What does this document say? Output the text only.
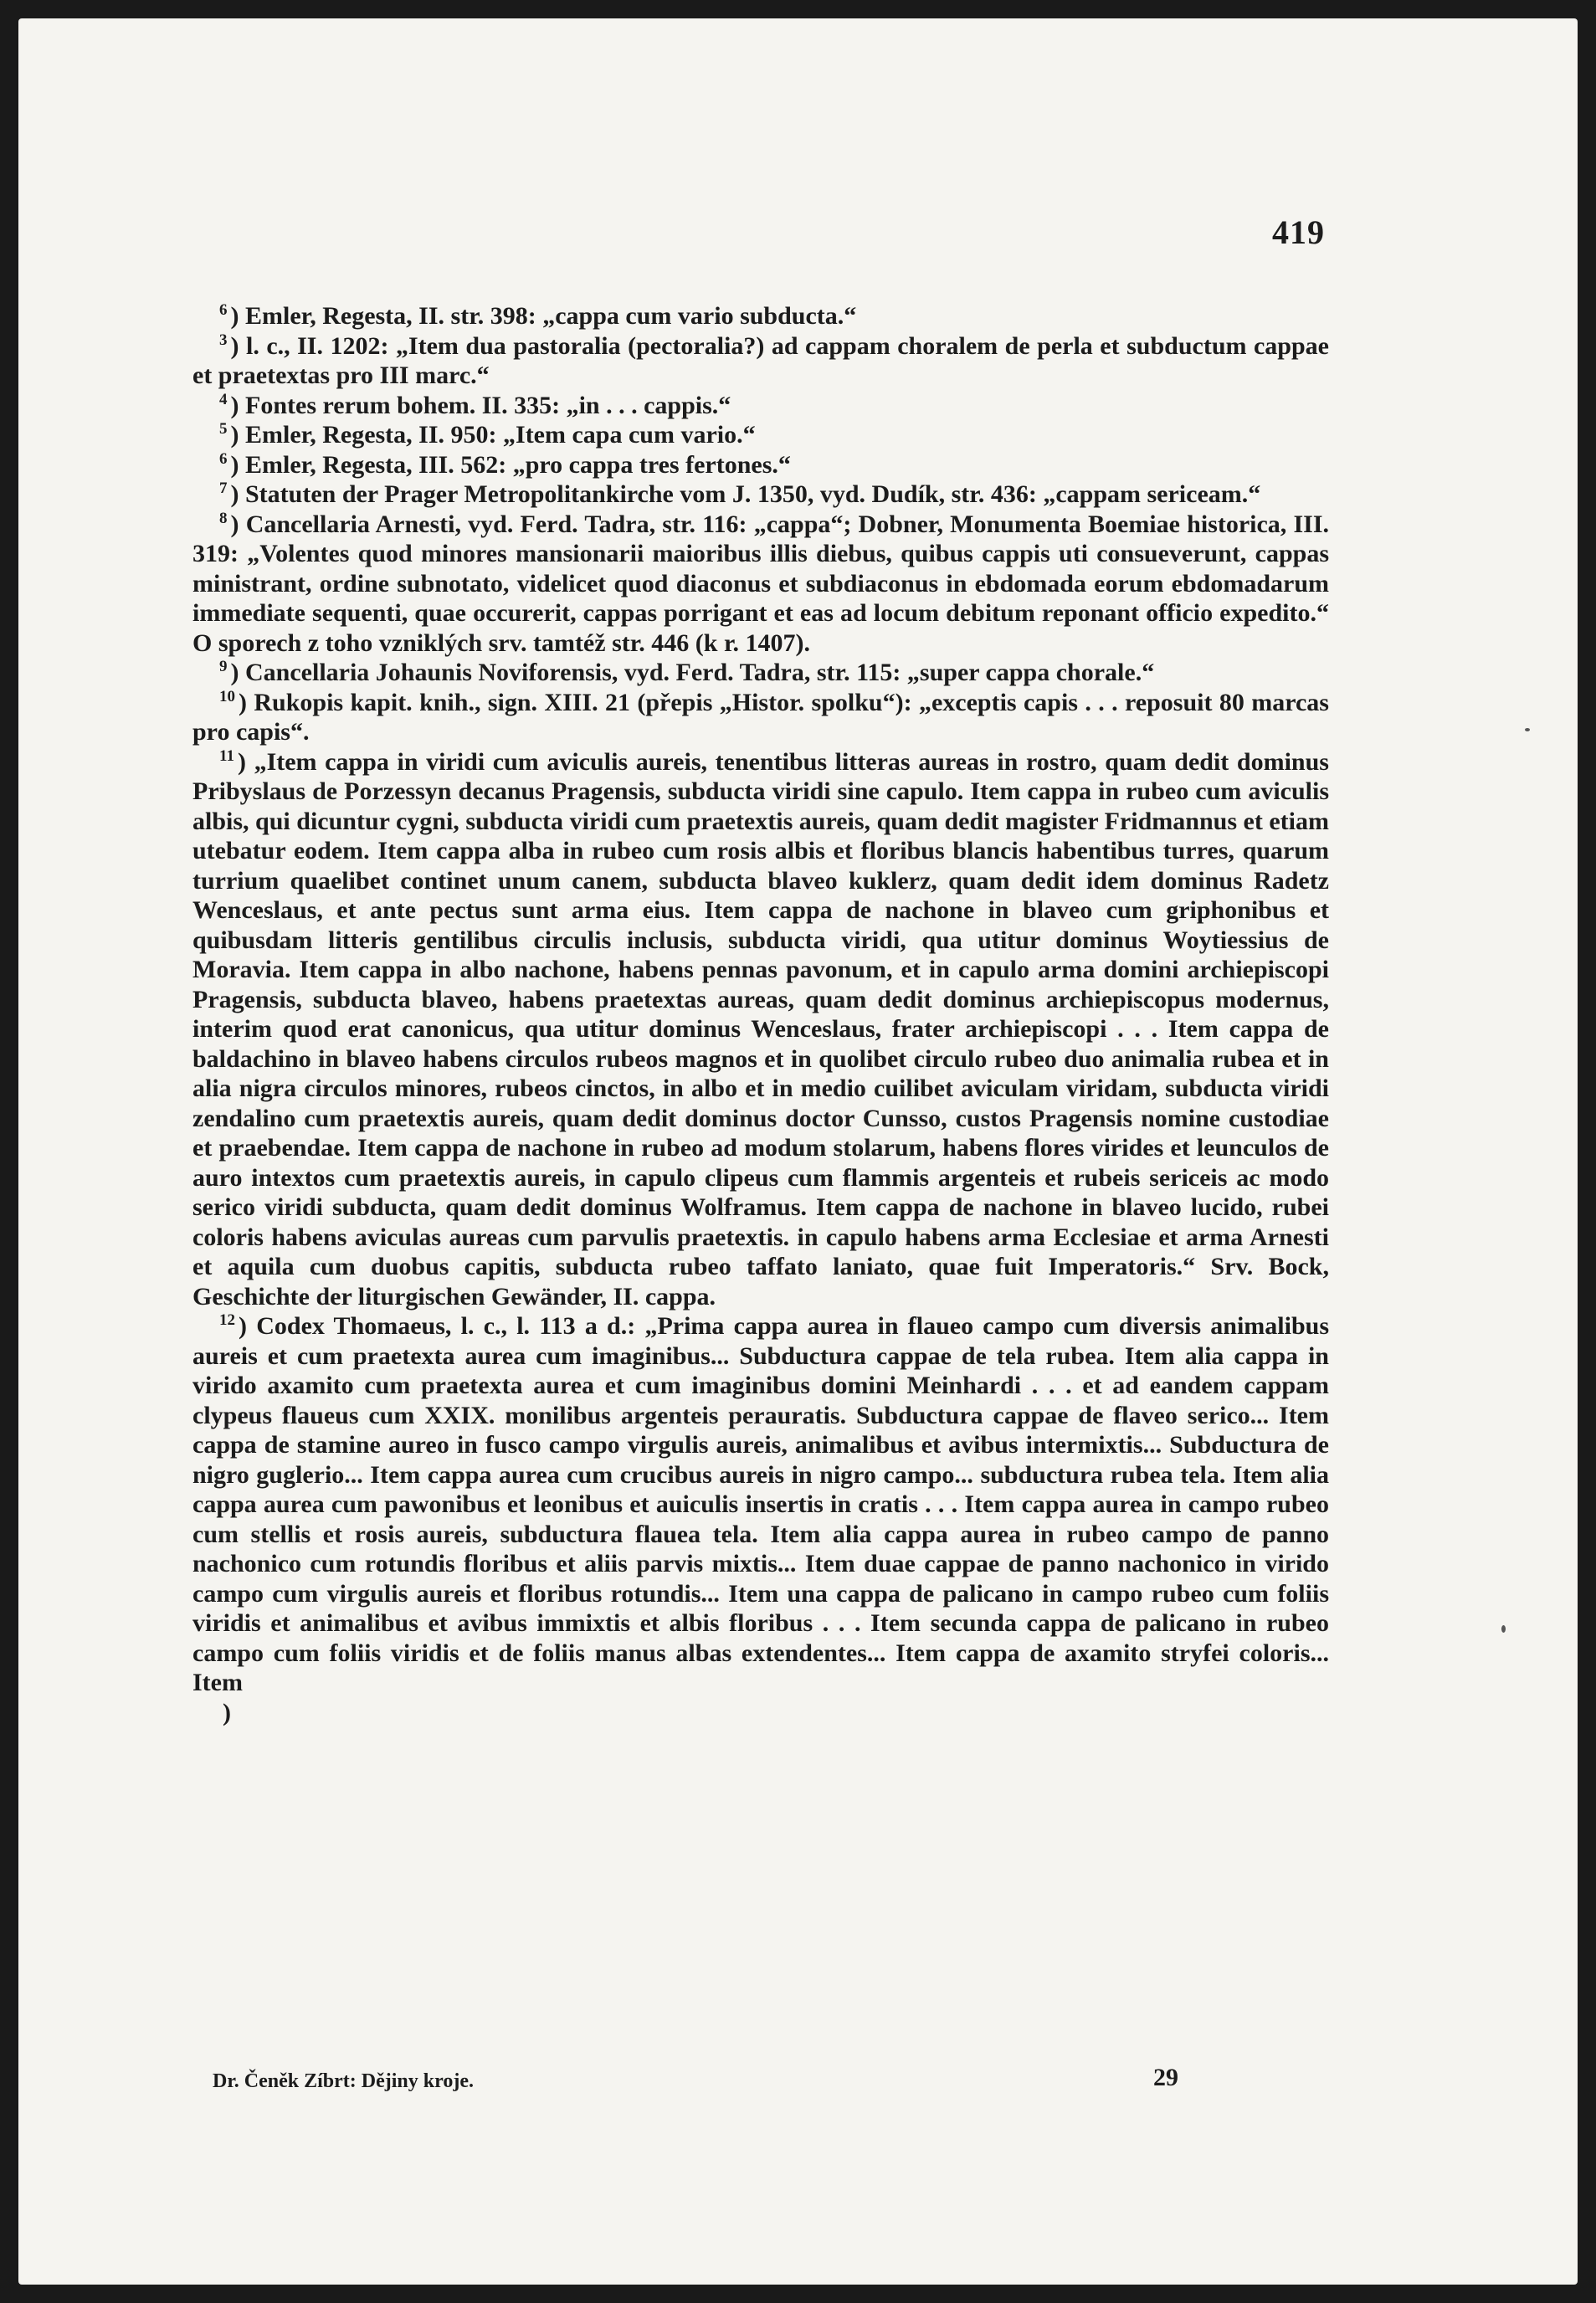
419

$^6$ ) Emler, Regesta, II. str. 398: „cappa cum vario subducta.“

$^3$ ) l. c., II. 1202: „Item dua pastoralia (pectoralia?) ad cappam choralem de perla et subductum cappae et praetextas pro III marc.“

$^4$ ) Fontes rerum bohem. II. 335: „in . . . cappis.“

$^5$ ) Emler, Regesta, II. 950: „Item capa cum vario.“

$^6$ ) Emler, Regesta, III. 562: „pro cappa tres fertones.“

$^7$ ) Statuten der Prager Metropolitankirche vom J. 1350, vyd. Dudík, str. 436: „cappam sericeam.“

$^8$ ) Cancellaria Arnesti, vyd. Ferd. Tadra, str. 116: „cappa“; Dobner, Monumenta Boemiae historica, III. 319: „Volentes quod minores mansionarii maioribus illis diebus, quibus cappis uti consueverunt, cappas ministrant, ordine subnotato, videlicet quod diaconus et subdiaconus in ebdomada eorum ebdomadarum immediate sequenti, quae occurerit, cappas porrigant et eas ad locum debitum reponant officio expedito.“ O sporech z toho vzniklých srv. tamtéž str. 446 (k r. 1407).

$^9$ ) Cancellaria Johaunis Noviforensis, vyd. Ferd. Tadra, str. 115: „super cappa chorale.“

$^{10}$ ) Rukopis kapit. knih., sign. XIII. 21 (přepis „Histor. spolku“): „exceptis capis . . . reposuit 80 marcas pro capis“.

$^{11}$ ) „Item cappa in viridi cum aviculis aureis, tenentibus litteras aureas in rostro, quam dedit dominus Pribyslaus de Porzessyn decanus Pragensis, subducta viridi sine capulo. Item cappa in rubeo cum aviculis albis, qui dicuntur cygni, subducta viridi cum praetextis aureis, quam dedit magister Fridmannus et etiam utebatur eodem. Item cappa alba in rubeo cum rosis albis et floribus blancis habentibus turres, quarum turrium quaelibet continet unum canem, subducta blaveo kuklerz, quam dedit idem dominus Radetz Wenceslaus, et ante pectus sunt arma eius. Item cappa de nachone in blaveo cum griphonibus et quibusdam litteris gentilibus circulis inclusis, subducta viridi, qua utitur dominus Woytiessius de Moravia. Item cappa in albo nachone, habens pennas pavonum, et in capulo arma domini archiepiscopi Pragensis, subducta blaveo, habens praetextas aureas, quam dedit dominus archiepiscopus modernus, interim quod erat canonicus, qua utitur dominus Wenceslaus, frater archiepiscopi . . . Item cappa de baldachino in blaveo habens circulos rubeos magnos et in quolibet circulo rubeo duo animalia rubea et in alia nigra circulos minores, rubeos cinctos, in albo et in medio cuilibet aviculam viridam, subducta viridi zendalino cum praetextis aureis, quam dedit dominus doctor Cunsso, custos Pragensis nomine custodiae et praebendae. Item cappa de nachone in rubeo ad modum stolarum, habens flores virides et leunculos de auro intextos cum praetextis aureis, in capulo clipeus cum flammis argenteis et rubeis sericeis ac modo serico viridi subducta, quam dedit dominus Wolframus. Item cappa de nachone in blaveo lucido, rubei coloris habens aviculas aureas cum parvulis praetextis. in capulo habens arma Ecclesiae et arma Arnesti et aquila cum duobus capitis, subducta rubeo taffato laniato, quae fuit Imperatoris.“ Srv. Bock, Geschichte der liturgischen Gewänder, II. cappa.

$^{12}$ ) Codex Thomaeus, l. c., l. 113 a d.: „Prima cappa aurea in flaueo campo cum diversis animalibus aureis et cum praetexta aurea cum imaginibus... Subductura cappae de tela rubea. Item alia cappa in virido axamito cum praetexta aurea et cum imaginibus domini Meinhardi . . . et ad eandem cappam clypeus flaueus cum XXIX. monilibus argenteis perauratis. Subductura cappae de flaveo serico... Item cappa de stamine aureo in fusco campo virgulis aureis, animalibus et avibus intermixtis... Subductura de nigro guglerio... Item cappa aurea cum crucibus aureis in nigro campo... subductura rubea tela. Item alia cappa aurea cum pawonibus et leonibus et auiculis insertis in cratis . . . Item cappa aurea in campo rubeo cum stellis et rosis aureis, subductura flauea tela. Item alia cappa aurea in rubeo campo de panno nachonico cum rotundis floribus et aliis parvis mixtis... Item duae cappae de panno nachonico in virido campo cum virgulis aureis et floribus rotundis... Item una cappa de palicano in campo rubeo cum foliis viridis et animalibus et avibus immixtis et albis floribus . . . Item secunda cappa de palicano in rubeo campo cum foliis viridis et de foliis manus albas extendentes... Item cappa de axamito stryfei coloris... Item

)

Dr. Čeněk Zíbrt: Dějiny kroje.	29
